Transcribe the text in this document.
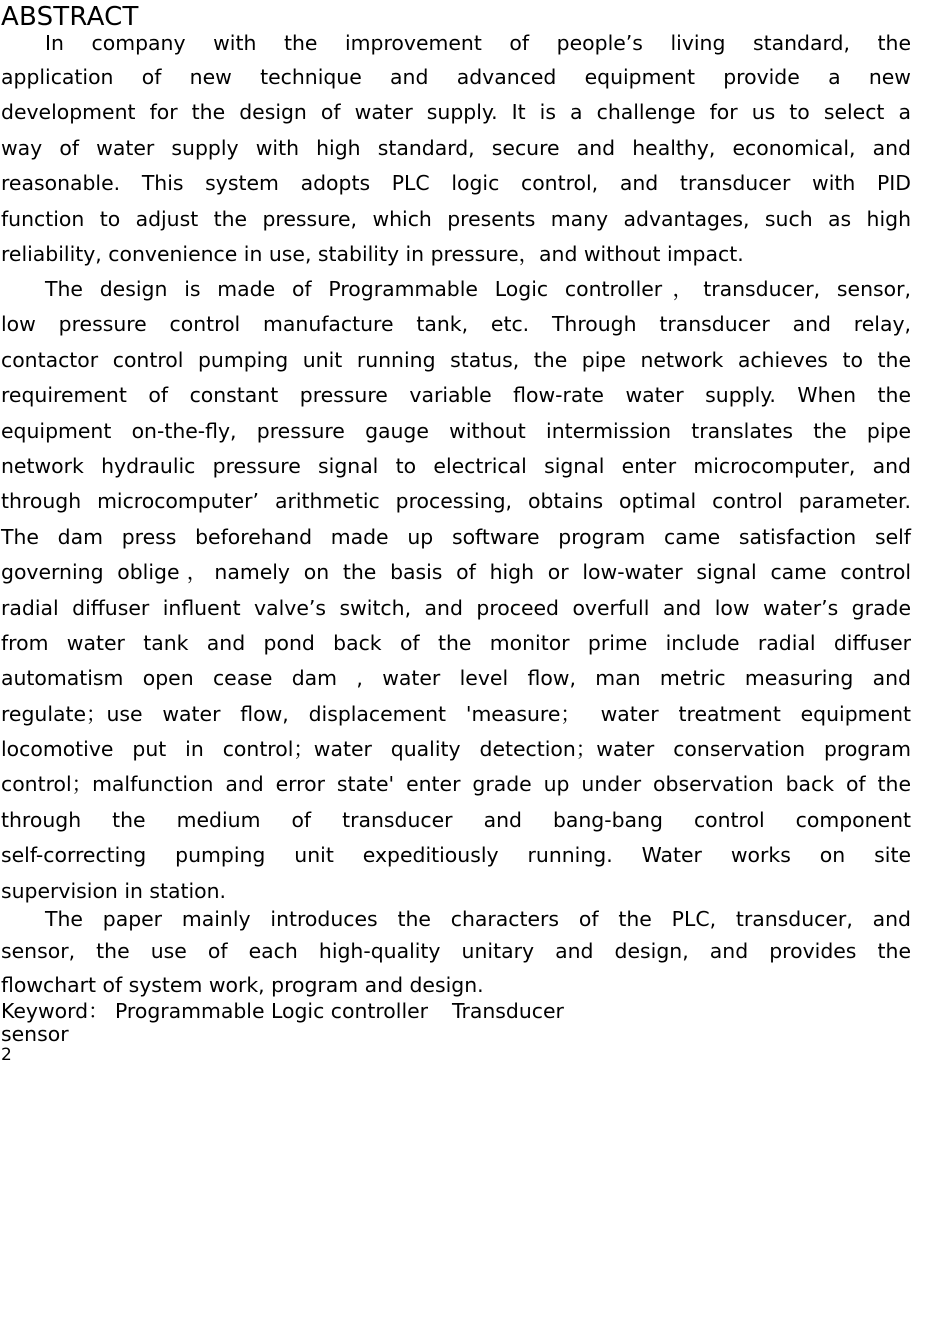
ABSTRACT
In company with the improvement of people’s living standard, the
application of new technique and advanced equipment provide a new
development for the design of water supply. It is a challenge for us to select a
way of water supply with high standard, secure and healthy, economical, and
reasonable. This system adopts PLC logic control, and transducer with PID
function to adjust the pressure, which presents many advantages, such as high
reliability, convenience in use, stability in pressure，and without impact.
The design is made of Programmable Logic controller，transducer, sensor,
low pressure control manufacture tank, etc. Through transducer and relay,
contactor control pumping unit running status, the pipe network achieves to the
requirement of constant pressure variable flow-rate water supply. When the
equipment on-the-fly, pressure gauge without intermission translates the pipe
network hydraulic pressure signal to electrical signal enter microcomputer, and
through microcomputer’ arithmetic processing, obtains optimal control parameter.
The dam press beforehand made up software program came satisfaction self
governing oblige，namely on the basis of high or low-water signal came control
radial diffuser influent valve’s switch, and proceed overfull and low water’s grade
from water tank and pond back of the monitor prime include radial diffuser
automatism open cease dam , water level flow, man metric measuring and
regulate；use water flow, displacement 'measure； water treatment equipment
locomotive put in control；water quality detection；water conservation program
control；malfunction and error state' enter grade up under observation back of the
through the medium of transducer and bang-bang control component
self-correcting pumping unit expeditiously running. Water works on site
supervision in station.
The paper mainly introduces the characters of the PLC, transducer, and
sensor, the use of each high-quality unitary and design, and provides the
flowchart of system work, program and design.
Keyword： Programmable Logic controller Transducer
sensor
2
